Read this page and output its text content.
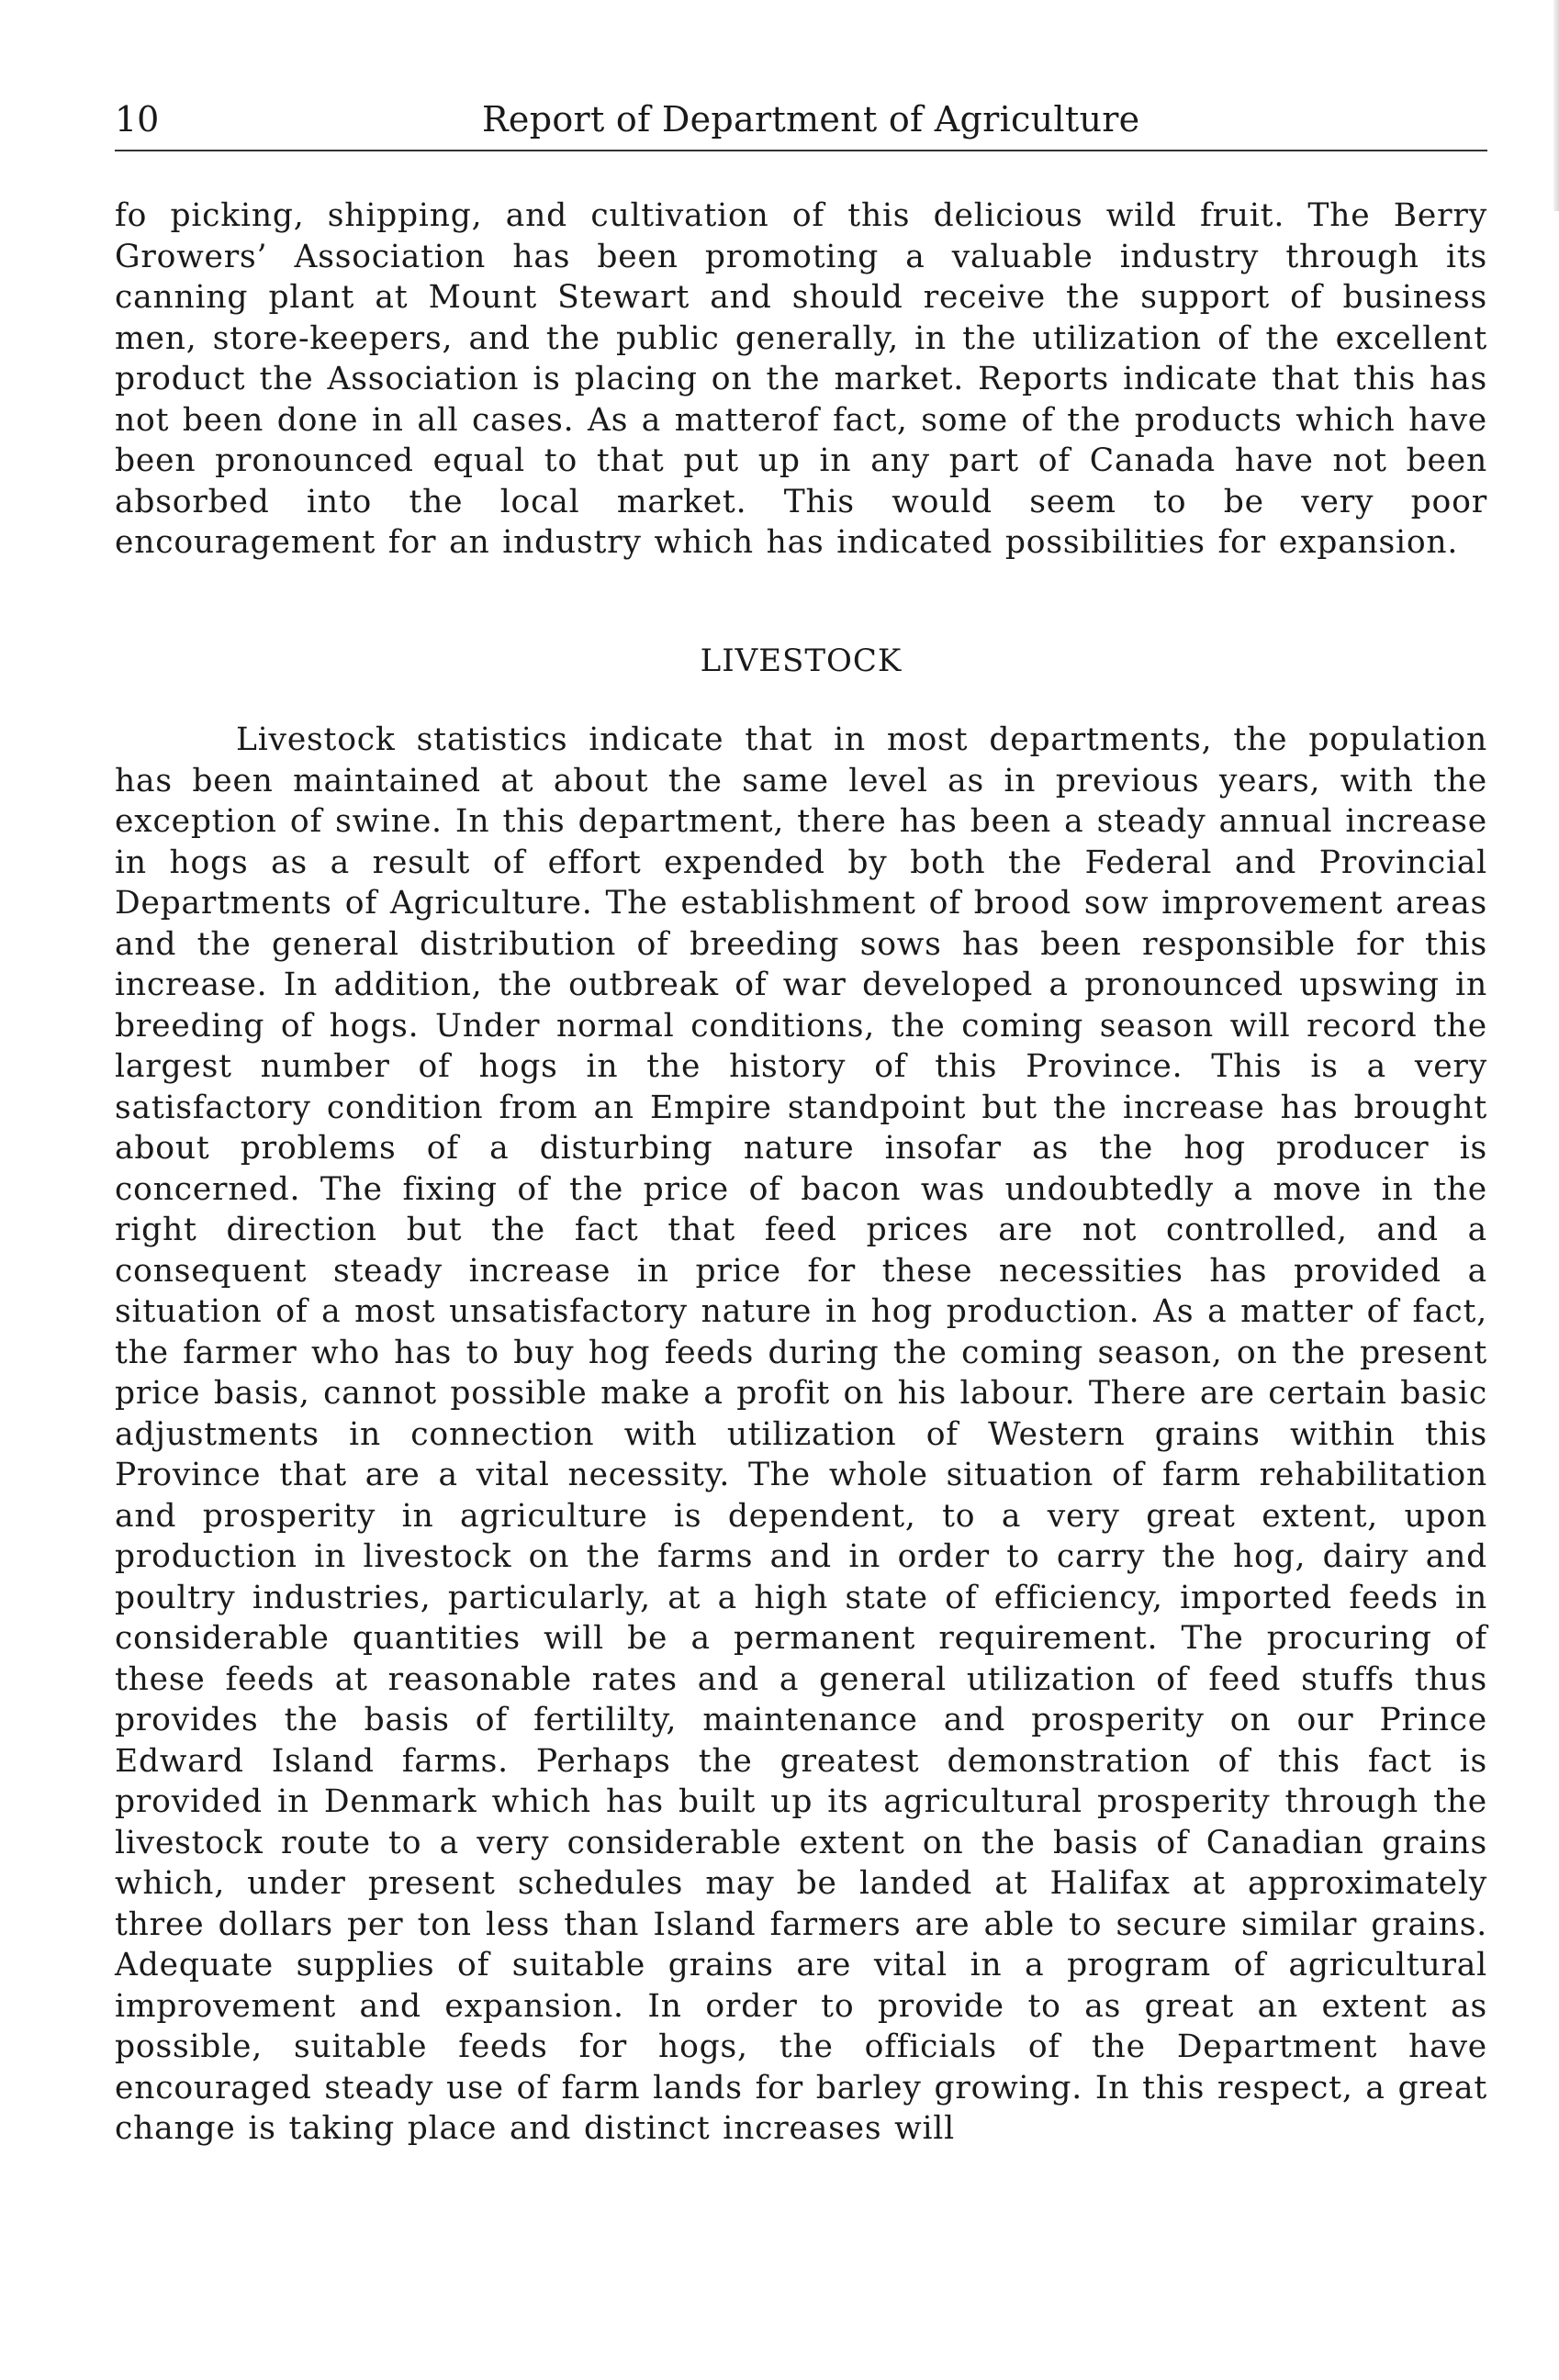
10	Report of Department of Agriculture

fo picking, shipping, and cultivation of this delicious wild fruit. The Berry Growers’ Association has been promoting a valuable industry through its canning plant at Mount Stewart and should receive the support of business men, store-keepers, and the public generally, in the utilization of the excellent product the Association is placing on the market. Reports indicate that this has not been done in all cases. As a matterof fact, some of the products which have been pronounced equal to that put up in any part of Canada have not been absorbed into the local market. This would seem to be very poor encouragement for an industry which has indicated possibilities for expansion.

LIVESTOCK

Livestock statistics indicate that in most departments, the population has been maintained at about the same level as in previous years, with the exception of swine. In this department, there has been a steady annual increase in hogs as a result of effort expended by both the Federal and Provincial Departments of Agriculture. The establishment of brood sow improvement areas and the general distribution of breeding sows has been responsible for this increase. In addition, the outbreak of war developed a pronounced upswing in breeding of hogs. Under normal conditions, the coming season will record the largest number of hogs in the history of this Province. This is a very satisfactory condition from an Empire standpoint but the increase has brought about problems of a disturbing nature insofar as the hog producer is concerned. The fixing of the price of bacon was undoubtedly a move in the right direction but the fact that feed prices are not controlled, and a consequent steady increase in price for these necessities has provided a situation of a most unsatisfactory nature in hog production. As a matter of fact, the farmer who has to buy hog feeds during the coming season, on the present price basis, cannot possible make a profit on his labour. There are certain basic adjustments in connection with utilization of Western grains within this Province that are a vital necessity. The whole situation of farm rehabilitation and prosperity in agriculture is dependent, to a very great extent, upon production in livestock on the farms and in order to carry the hog, dairy and poultry industries, particularly, at a high state of efficiency, imported feeds in considerable quantities will be a permanent requirement. The procuring of these feeds at reasonable rates and a general utilization of feed stuffs thus provides the basis of fertililty, maintenance and prosperity on our Prince Edward Island farms. Perhaps the greatest demonstration of this fact is provided in Denmark which has built up its agricultural prosperity through the livestock route to a very considerable extent on the basis of Canadian grains which, under present schedules may be landed at Halifax at approximately three dollars per ton less than Island farmers are able to secure similar grains. Adequate supplies of suitable grains are vital in a program of agricultural improvement and expansion. In order to provide to as great an extent as possible, suitable feeds for hogs, the officials of the Department have encouraged steady use of farm lands for barley growing. In this respect, a great change is taking place and distinct increases will
